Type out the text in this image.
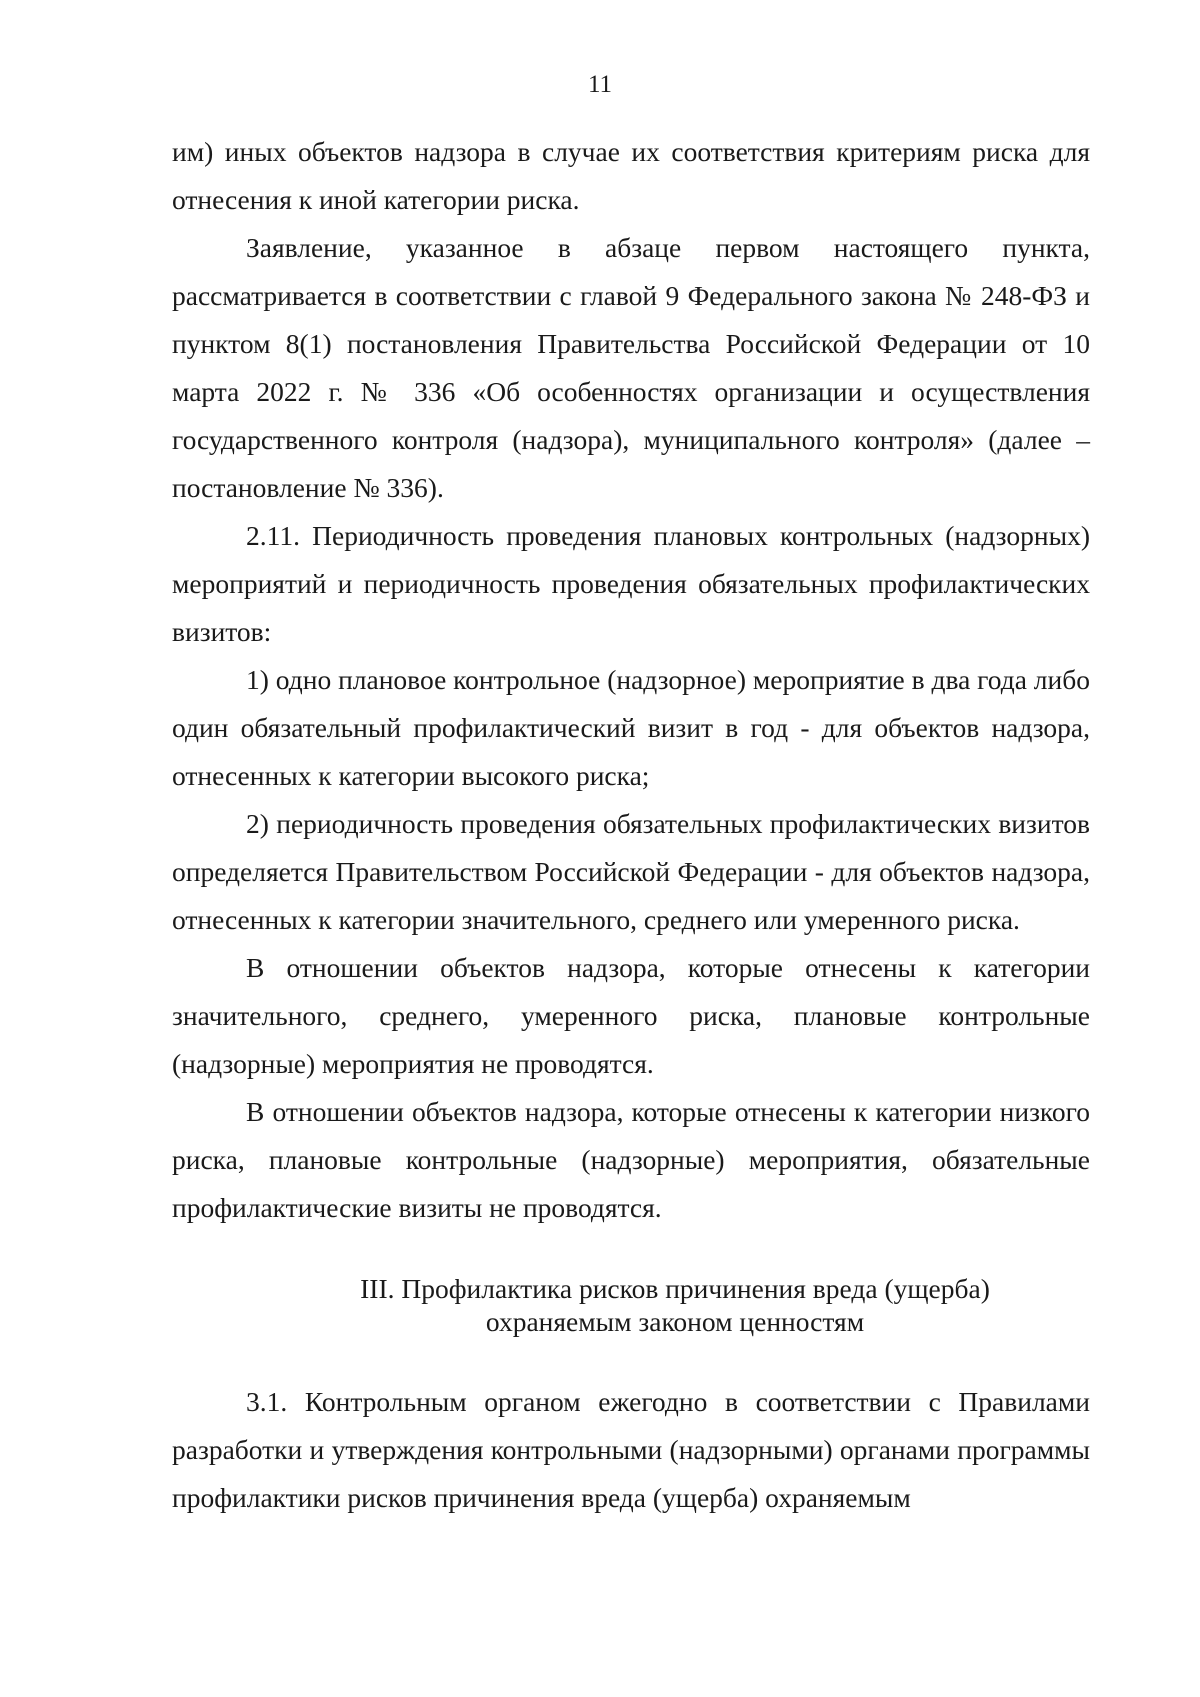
11

им) иных объектов надзора в случае их соответствия критериям риска для отнесения к иной категории риска.

Заявление, указанное в абзаце первом настоящего пункта, рассматривается в соответствии с главой 9 Федерального закона № 248-ФЗ и пунктом 8(1) постановления Правительства Российской Федерации от 10 марта 2022 г. № 336 «Об особенностях организации и осуществления государственного контроля (надзора), муниципального контроля» (далее – постановление № 336).

2.11. Периодичность проведения плановых контрольных (надзорных) мероприятий и периодичность проведения обязательных профилактических визитов:

1) одно плановое контрольное (надзорное) мероприятие в два года либо один обязательный профилактический визит в год - для объектов надзора, отнесенных к категории высокого риска;

2) периодичность проведения обязательных профилактических визитов определяется Правительством Российской Федерации - для объектов надзора, отнесенных к категории значительного, среднего или умеренного риска.

В отношении объектов надзора, которые отнесены к категории значительного, среднего, умеренного риска, плановые контрольные (надзорные) мероприятия не проводятся.

В отношении объектов надзора, которые отнесены к категории низкого риска, плановые контрольные (надзорные) мероприятия, обязательные профилактические визиты не проводятся.

III. Профилактика рисков причинения вреда (ущерба)
охраняемым законом ценностям

3.1. Контрольным органом ежегодно в соответствии с Правилами разработки и утверждения контрольными (надзорными) органами программы профилактики рисков причинения вреда (ущерба) охраняемым
